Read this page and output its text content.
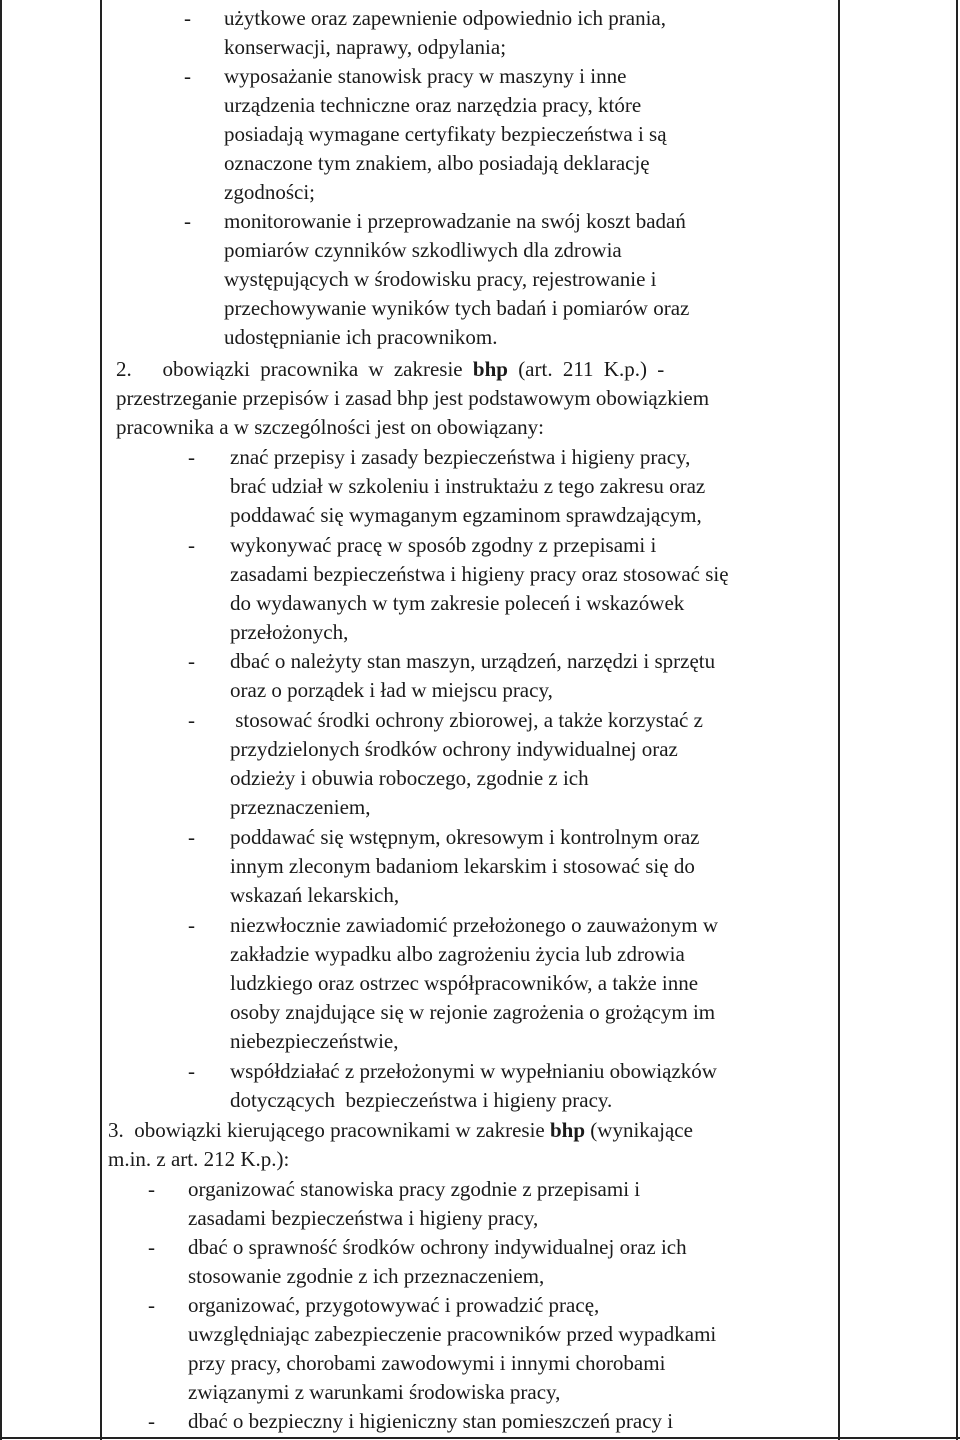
- użytkowe oraz zapewnienie odpowiednio ich prania,
konserwacji, naprawy, odpylania;
- wyposażanie stanowisk pracy w maszyny i inne
urządzenia techniczne oraz narzędzia pracy, które
posiadają wymagane certyfikaty bezpieczeństwa i są
oznaczone tym znakiem, albo posiadają deklarację
zgodności;
- monitorowanie i przeprowadzanie na swój koszt badań
pomiarów czynników szkodliwych dla zdrowia
występujących w środowisku pracy, rejestrowanie i
przechowywanie wyników tych badań i pomiarów oraz
udostępnianie ich pracownikom.
2. obowiązki pracownika w zakresie bhp (art. 211 K.p.) -
przestrzeganie przepisów i zasad bhp jest podstawowym obowiązkiem
pracownika a w szczególności jest on obowiązany:
- znać przepisy i zasady bezpieczeństwa i higieny pracy,
brać udział w szkoleniu i instruktażu z tego zakresu oraz
poddawać się wymaganym egzaminom sprawdzającym,
- wykonywać pracę w sposób zgodny z przepisami i
zasadami bezpieczeństwa i higieny pracy oraz stosować się
do wydawanych w tym zakresie poleceń i wskazówek
przełożonych,
- dbać o należyty stan maszyn, urządzeń, narzędzi i sprzętu
oraz o porządek i ład w miejscu pracy,
- stosować środki ochrony zbiorowej, a także korzystać z
przydzielonych środków ochrony indywidualnej oraz
odzieży i obuwia roboczego, zgodnie z ich
przeznaczeniem,
- poddawać się wstępnym, okresowym i kontrolnym oraz
innym zleconym badaniom lekarskim i stosować się do
wskazań lekarskich,
- niezwłocznie zawiadomić przełożonego o zauważonym w
zakładzie wypadku albo zagrożeniu życia lub zdrowia
ludzkiego oraz ostrzec współpracowników, a także inne
osoby znajdujące się w rejonie zagrożenia o grożącym im
niebezpieczeństwie,
- współdziałać z przełożonymi w wypełnianiu obowiązków
dotyczących  bezpieczeństwa i higieny pracy.
3. obowiązki kierującego pracownikami w zakresie bhp (wynikające
m.in. z art. 212 K.p.):
- organizować stanowiska pracy zgodnie z przepisami i
zasadami bezpieczeństwa i higieny pracy,
- dbać o sprawność środków ochrony indywidualnej oraz ich
stosowanie zgodnie z ich przeznaczeniem,
- organizować, przygotowywać i prowadzić pracę,
uwzględniając zabezpieczenie pracowników przed wypadkami
przy pracy, chorobami zawodowymi i innymi chorobami
związanymi z warunkami środowiska pracy,
- dbać o bezpieczny i higieniczny stan pomieszczeń pracy i
